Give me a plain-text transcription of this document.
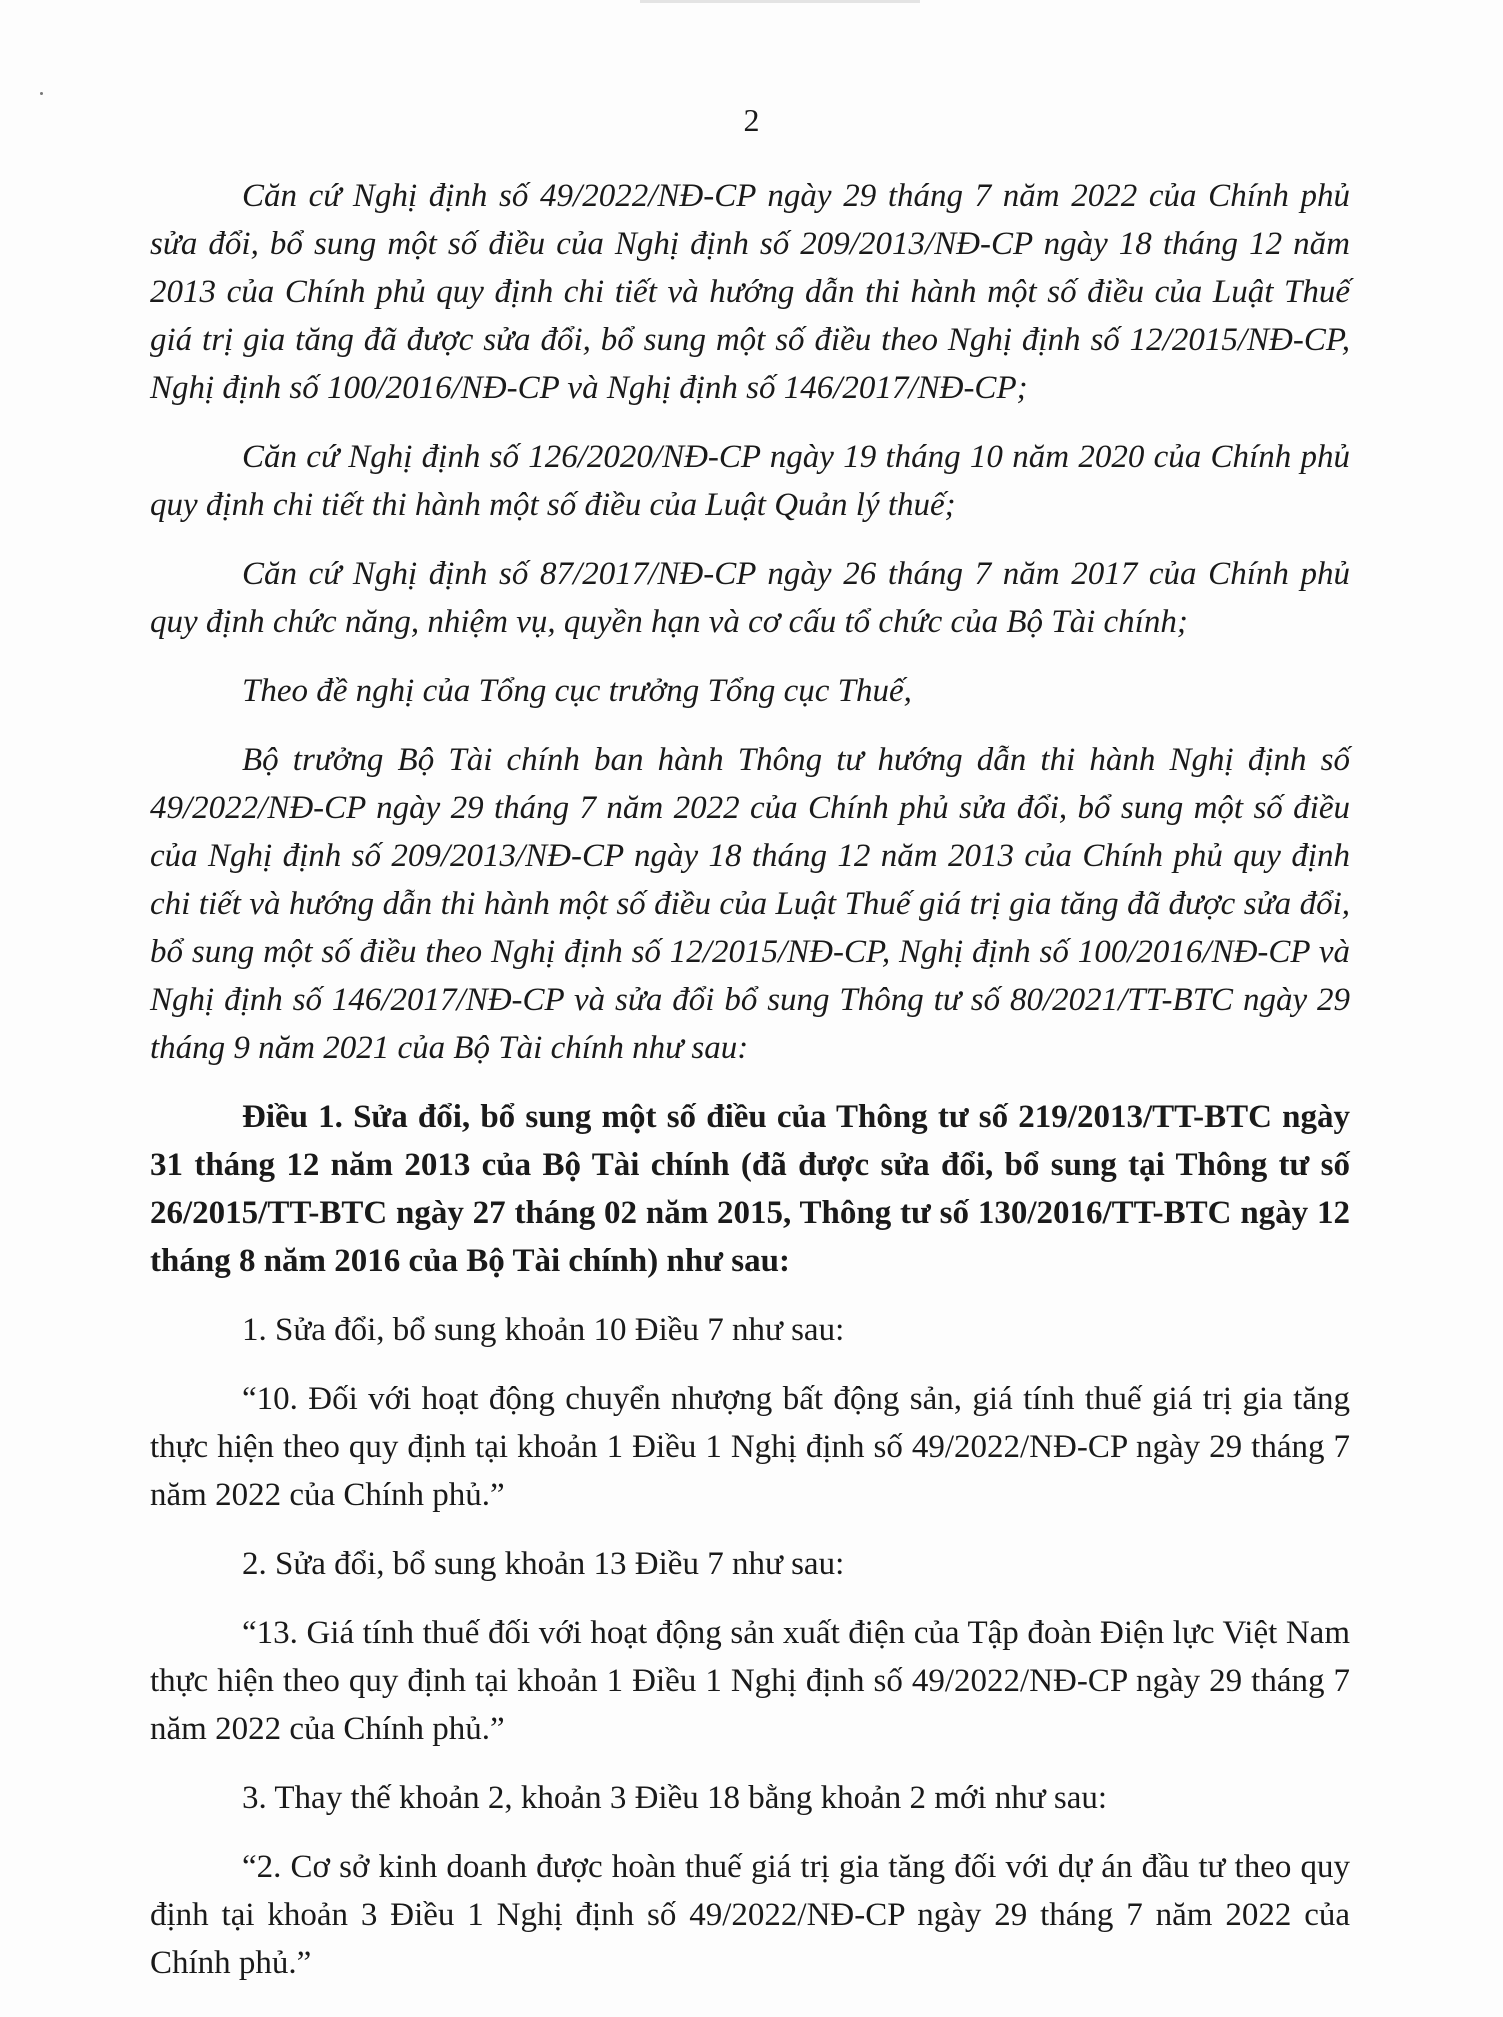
2

Căn cứ Nghị định số 49/2022/NĐ-CP ngày 29 tháng 7 năm 2022 của Chính phủ sửa đổi, bổ sung một số điều của Nghị định số 209/2013/NĐ-CP ngày 18 tháng 12 năm 2013 của Chính phủ quy định chi tiết và hướng dẫn thi hành một số điều của Luật Thuế giá trị gia tăng đã được sửa đổi, bổ sung một số điều theo Nghị định số 12/2015/NĐ-CP, Nghị định số 100/2016/NĐ-CP và Nghị định số 146/2017/NĐ-CP;

Căn cứ Nghị định số 126/2020/NĐ-CP ngày 19 tháng 10 năm 2020 của Chính phủ quy định chi tiết thi hành một số điều của Luật Quản lý thuế;

Căn cứ Nghị định số 87/2017/NĐ-CP ngày 26 tháng 7 năm 2017 của Chính phủ quy định chức năng, nhiệm vụ, quyền hạn và cơ cấu tổ chức của Bộ Tài chính;

Theo đề nghị của Tổng cục trưởng Tổng cục Thuế,

Bộ trưởng Bộ Tài chính ban hành Thông tư hướng dẫn thi hành Nghị định số 49/2022/NĐ-CP ngày 29 tháng 7 năm 2022 của Chính phủ sửa đổi, bổ sung một số điều của Nghị định số 209/2013/NĐ-CP ngày 18 tháng 12 năm 2013 của Chính phủ quy định chi tiết và hướng dẫn thi hành một số điều của Luật Thuế giá trị gia tăng đã được sửa đổi, bổ sung một số điều theo Nghị định số 12/2015/NĐ-CP, Nghị định số 100/2016/NĐ-CP và Nghị định số 146/2017/NĐ-CP và sửa đổi bổ sung Thông tư số 80/2021/TT-BTC ngày 29 tháng 9 năm 2021 của Bộ Tài chính như sau:

Điều 1. Sửa đổi, bổ sung một số điều của Thông tư số 219/2013/TT-BTC ngày 31 tháng 12 năm 2013 của Bộ Tài chính (đã được sửa đổi, bổ sung tại Thông tư số 26/2015/TT-BTC ngày 27 tháng 02 năm 2015, Thông tư số 130/2016/TT-BTC ngày 12 tháng 8 năm 2016 của Bộ Tài chính) như sau:

1. Sửa đổi, bổ sung khoản 10 Điều 7 như sau:

“10. Đối với hoạt động chuyển nhượng bất động sản, giá tính thuế giá trị gia tăng thực hiện theo quy định tại khoản 1 Điều 1 Nghị định số 49/2022/NĐ-CP ngày 29 tháng 7 năm 2022 của Chính phủ.”

2. Sửa đổi, bổ sung khoản 13 Điều 7 như sau:

“13. Giá tính thuế đối với hoạt động sản xuất điện của Tập đoàn Điện lực Việt Nam thực hiện theo quy định tại khoản 1 Điều 1 Nghị định số 49/2022/NĐ-CP ngày 29 tháng 7 năm 2022 của Chính phủ.”

3. Thay thế khoản 2, khoản 3 Điều 18 bằng khoản 2 mới như sau:

“2. Cơ sở kinh doanh được hoàn thuế giá trị gia tăng đối với dự án đầu tư theo quy định tại khoản 3 Điều 1 Nghị định số 49/2022/NĐ-CP ngày 29 tháng 7 năm 2022 của Chính phủ.”
